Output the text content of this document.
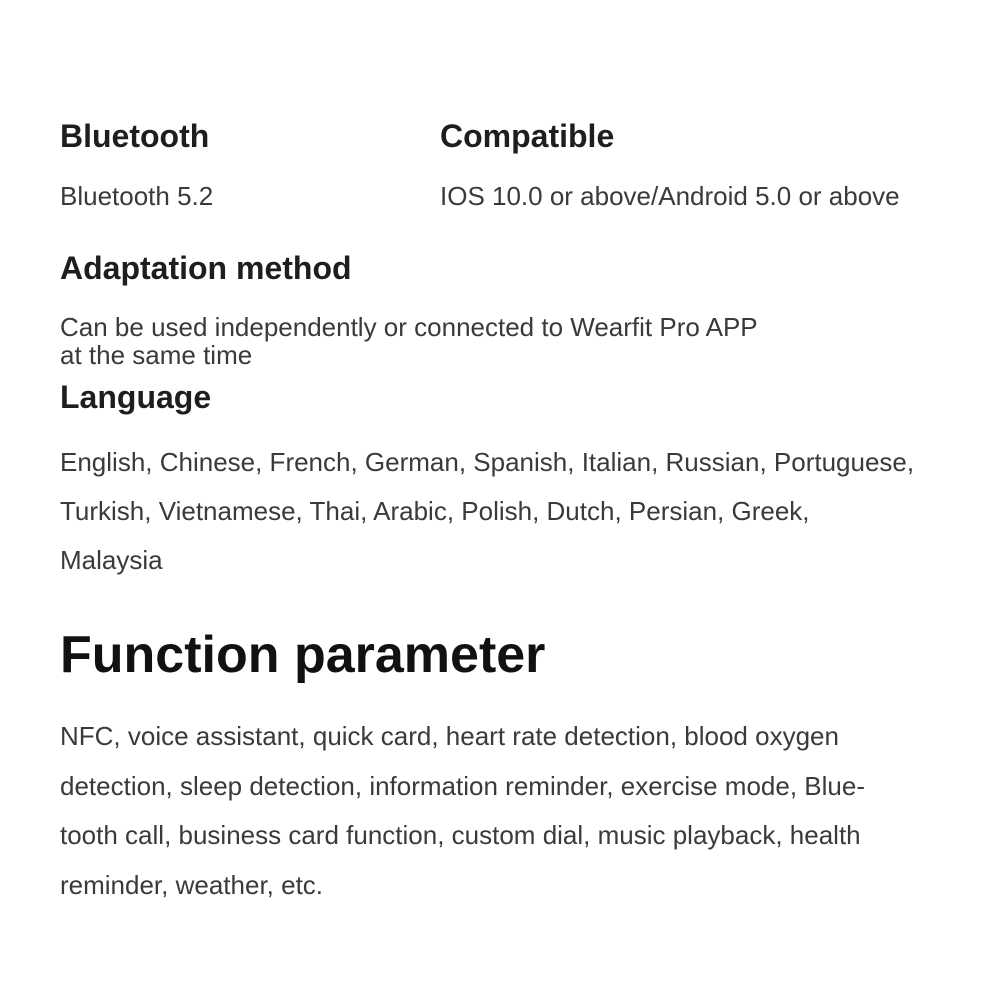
Bluetooth
Bluetooth 5.2
Compatible
IOS 10.0 or above/Android 5.0 or above
Adaptation method
Can be used independently or connected to Wearfit Pro APP
at the same time
Language
English, Chinese, French, German, Spanish, Italian, Russian, Portuguese,
Turkish, Vietnamese, Thai, Arabic, Polish, Dutch, Persian, Greek,
Malaysia
Function parameter
NFC, voice assistant, quick card, heart rate detection, blood oxygen
detection, sleep detection, information reminder, exercise mode, Blue-
tooth call, business card function, custom dial, music playback, health
reminder, weather, etc.
